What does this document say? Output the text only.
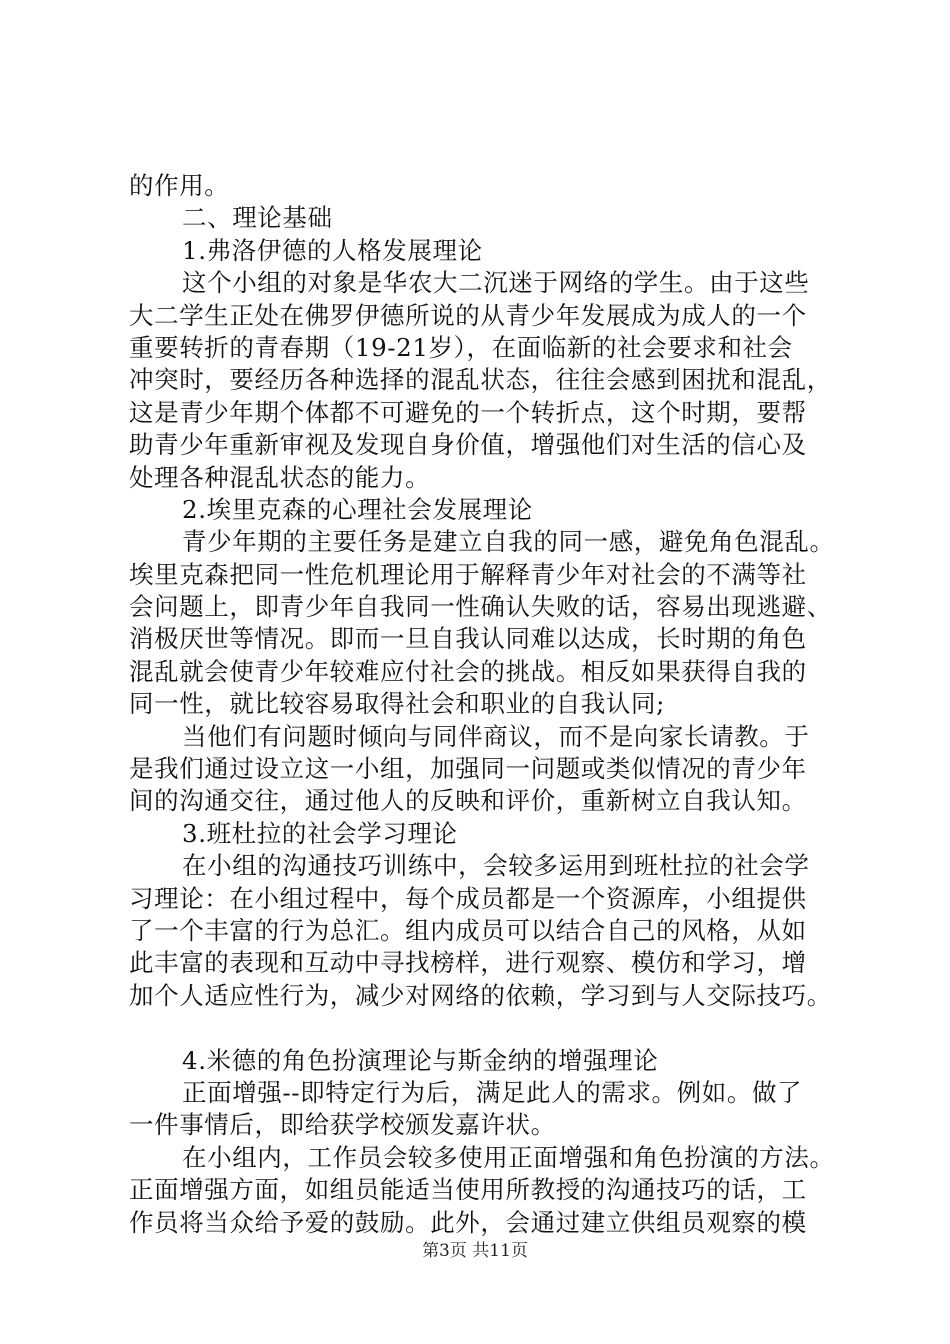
的作用。
二、理论基础
1.弗洛伊德的人格发展理论
这个小组的对象是华农大二沉迷于网络的学生。由于这些
大二学生正处在佛罗伊德所说的从青少年发展成为成人的一个
重要转折的青春期（19-21岁），在面临新的社会要求和社会
冲突时，要经历各种选择的混乱状态，往往会感到困扰和混乱，
这是青少年期个体都不可避免的一个转折点，这个时期，要帮
助青少年重新审视及发现自身价值，增强他们对生活的信心及
处理各种混乱状态的能力。
2.埃里克森的心理社会发展理论
青少年期的主要任务是建立自我的同一感，避免角色混乱。
埃里克森把同一性危机理论用于解释青少年对社会的不满等社
会问题上，即青少年自我同一性确认失败的话，容易出现逃避、
消极厌世等情况。即而一旦自我认同难以达成，长时期的角色
混乱就会使青少年较难应付社会的挑战。相反如果获得自我的
同一性，就比较容易取得社会和职业的自我认同;
当他们有问题时倾向与同伴商议，而不是向家长请教。于
是我们通过设立这一小组，加强同一问题或类似情况的青少年
间的沟通交往，通过他人的反映和评价，重新树立自我认知。
3.班杜拉的社会学习理论
在小组的沟通技巧训练中，会较多运用到班杜拉的社会学
习理论：在小组过程中，每个成员都是一个资源库，小组提供
了一个丰富的行为总汇。组内成员可以结合自己的风格，从如
此丰富的表现和互动中寻找榜样，进行观察、模仿和学习，增
加个人适应性行为，减少对网络的依赖，学习到与人交际技巧。
4.米德的角色扮演理论与斯金纳的增强理论
正面增强--即特定行为后，满足此人的需求。例如。做了
一件事情后，即给获学校颁发嘉许状。
在小组内，工作员会较多使用正面增强和角色扮演的方法。
正面增强方面，如组员能适当使用所教授的沟通技巧的话，工
作员将当众给予爱的鼓励。此外，会通过建立供组员观察的模
第3页 共11页
